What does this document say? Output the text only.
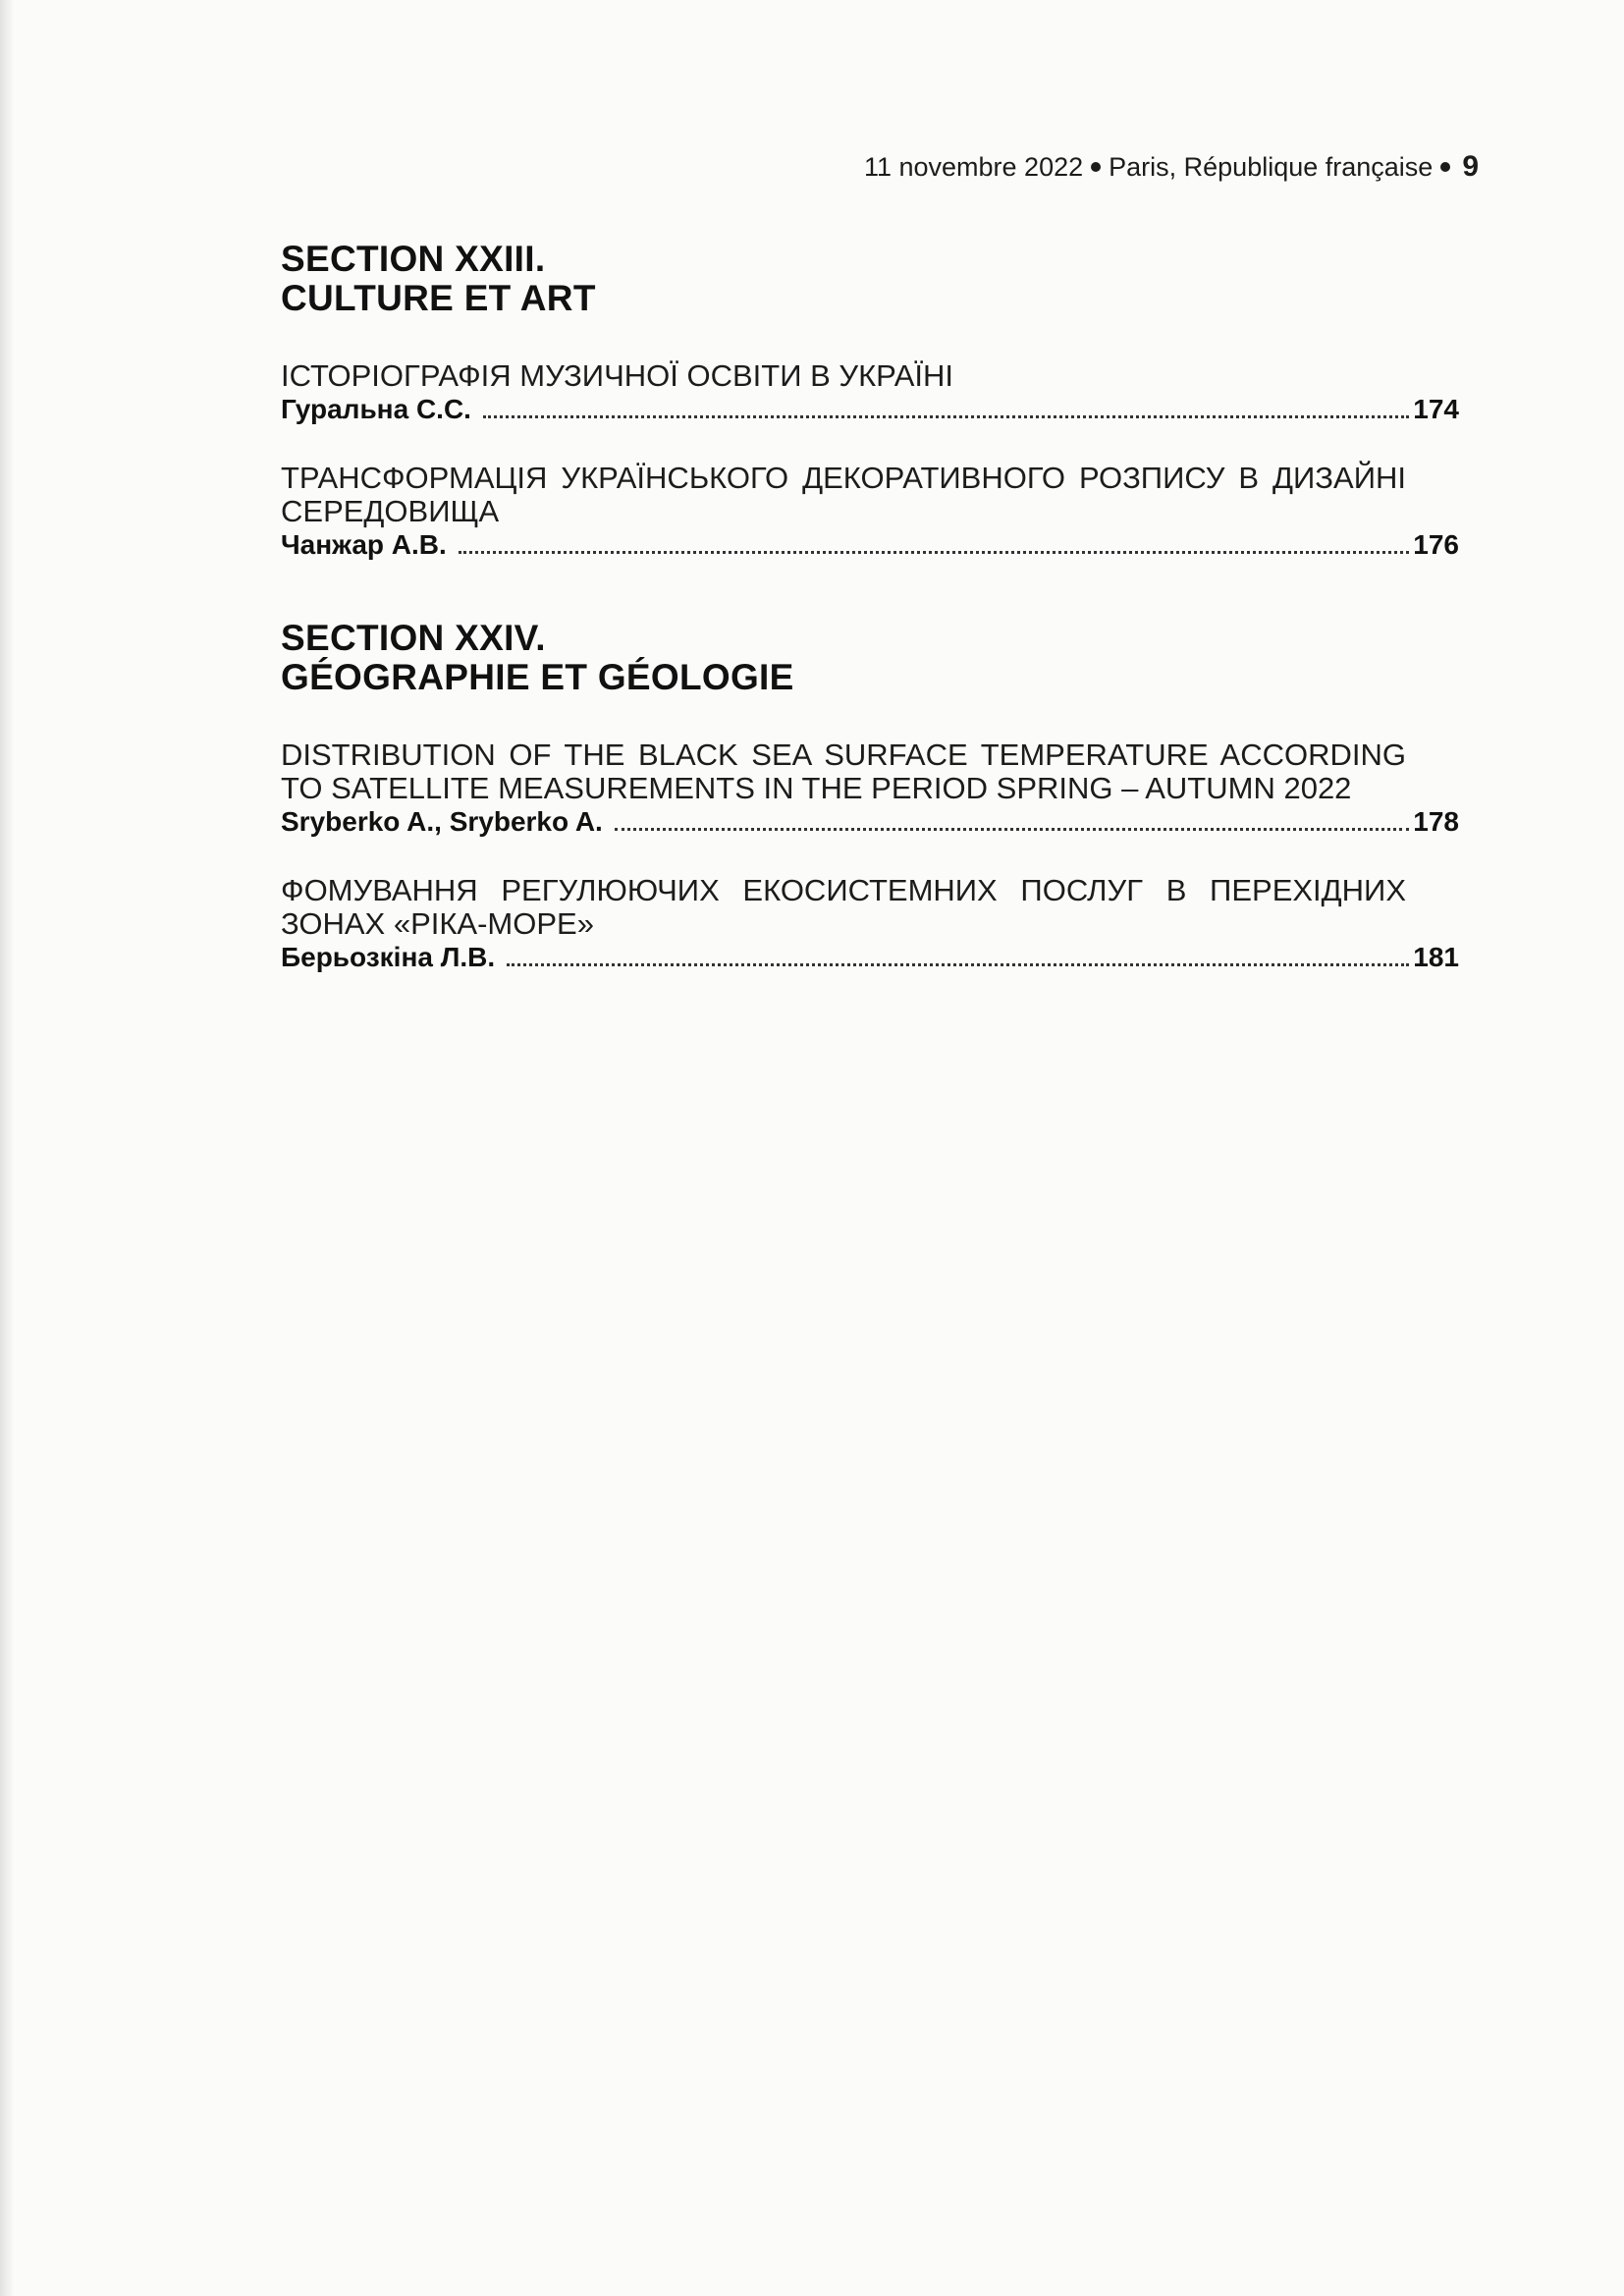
11 novembre 2022 Paris, République française 9
SECTION XXIII.
CULTURE ET ART
ІСТОРІОГРАФІЯ МУЗИЧНОЇ ОСВІТИ В УКРАЇНІ
Гуральна С.С.	174
ТРАНСФОРМАЦІЯ УКРАЇНСЬКОГО ДЕКОРАТИВНОГО РОЗПИСУ В ДИЗАЙНІ СЕРЕДОВИЩА
Чанжар А.В.	176
SECTION XXIV.
GÉOGRAPHIE ET GÉOLOGIE
DISTRIBUTION OF THE BLACK SEA SURFACE TEMPERATURE ACCORDING TO SATELLITE MEASUREMENTS IN THE PERIOD SPRING – AUTUMN 2022
Sryberko A., Sryberko A.	178
ФОМУВАННЯ РЕГУЛЮЮЧИХ ЕКОСИСТЕМНИХ ПОСЛУГ В ПЕРЕХІДНИХ ЗОНАХ «РІКА-МОРЕ»
Берьозкіна Л.В.	181
